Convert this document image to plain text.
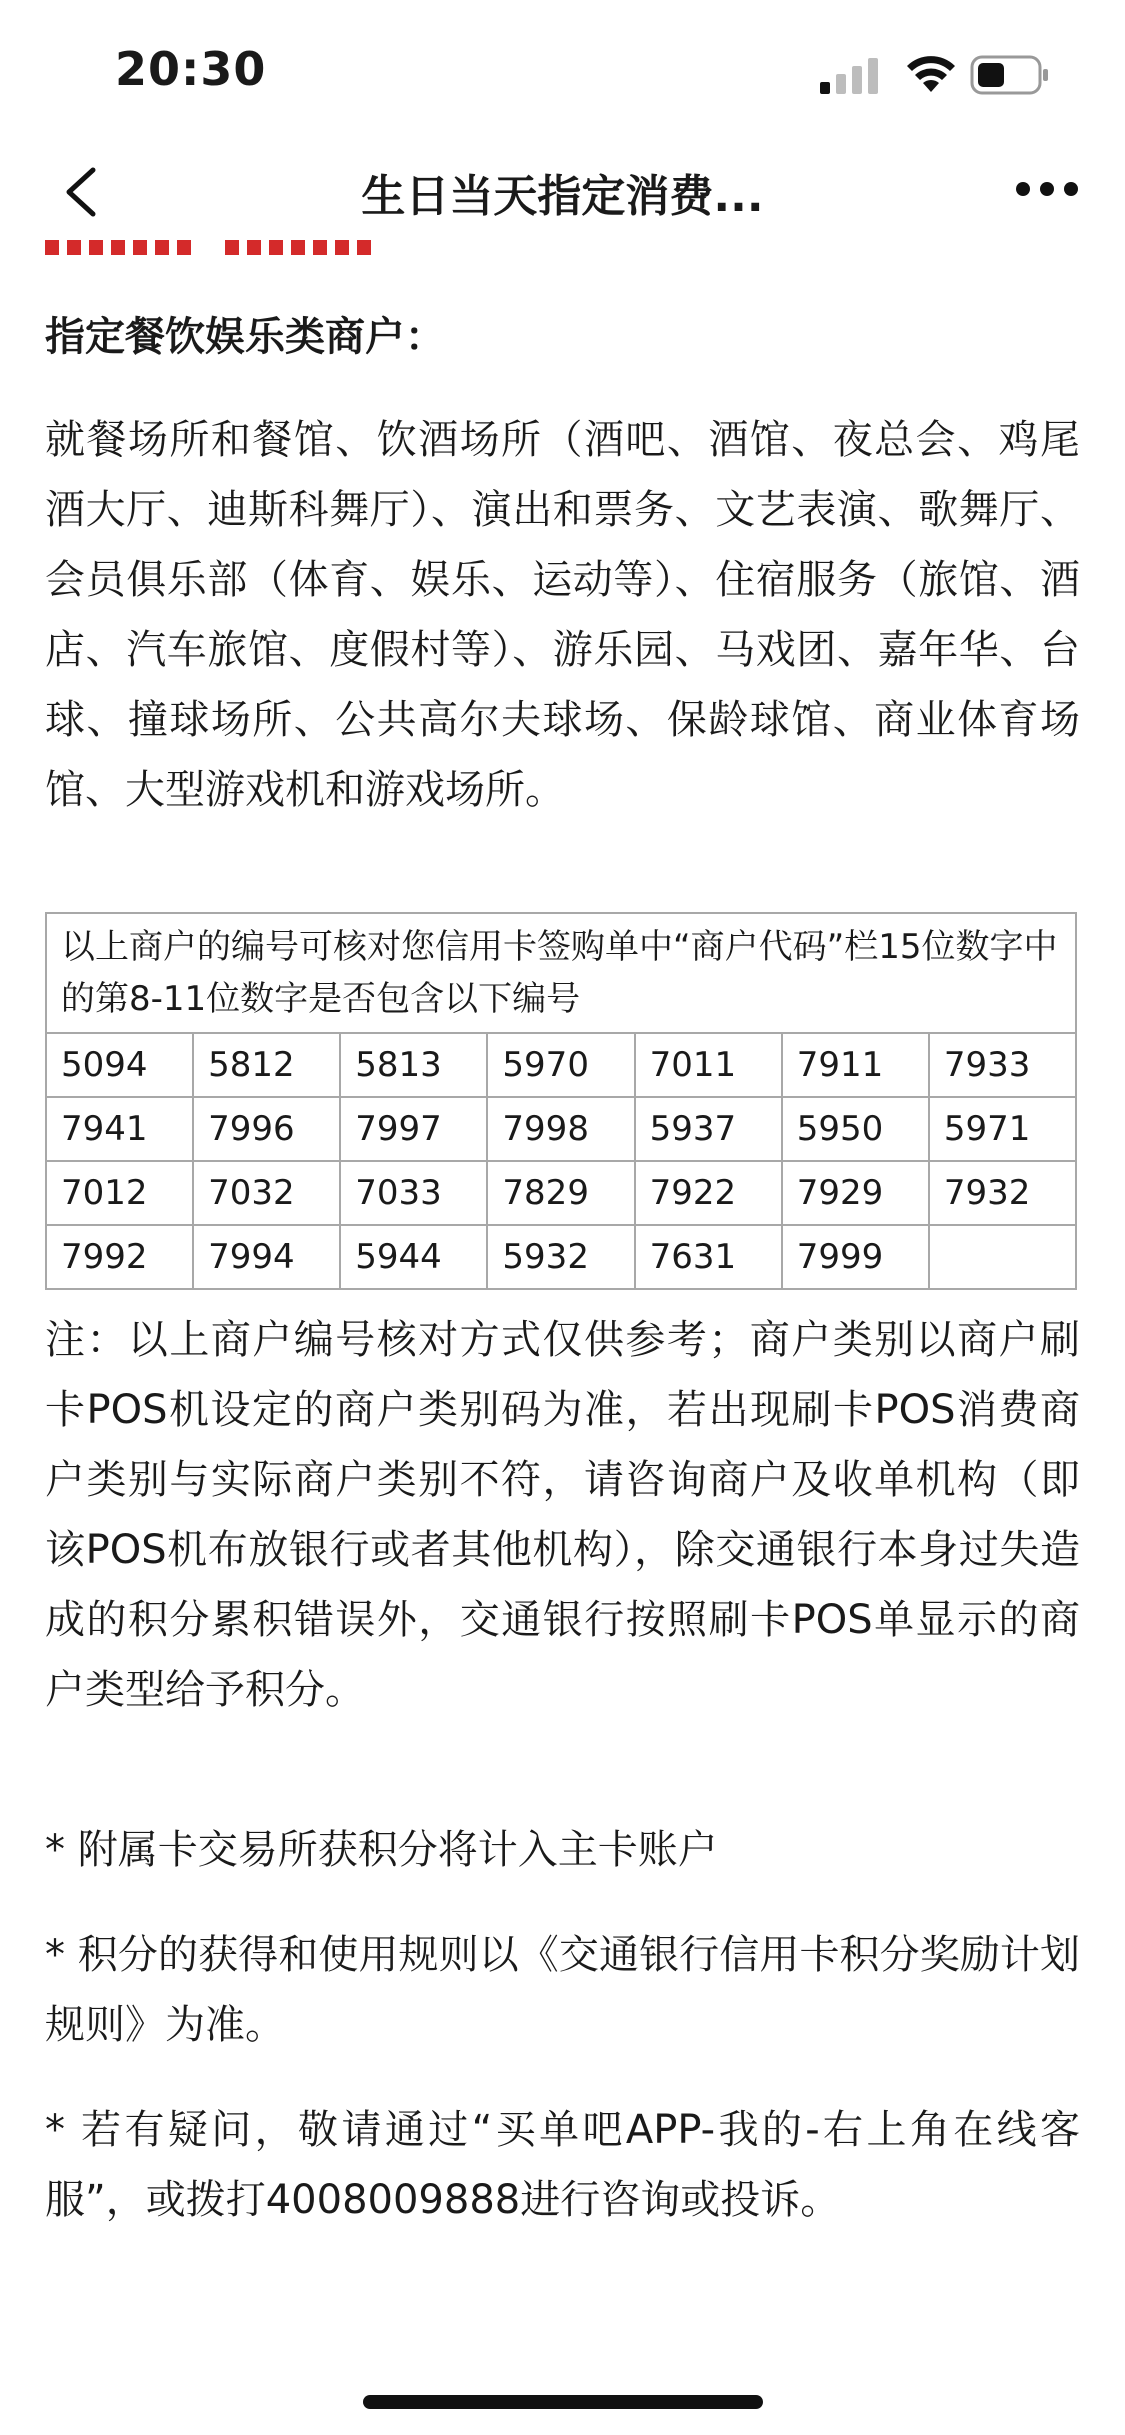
20:30
生日当天指定消费...
指定餐饮娱乐类商户：
就餐场所和餐馆、饮酒场所（酒吧、酒馆、夜总会、鸡尾酒大厅、迪斯科舞厅）、演出和票务、文艺表演、歌舞厅、会员俱乐部（体育、娱乐、运动等）、住宿服务（旅馆、酒店、汽车旅馆、度假村等）、游乐园、马戏团、嘉年华、台球、撞球场所、公共高尔夫球场、保龄球馆、商业体育场馆、大型游戏机和游戏场所。
以上商户的编号可核对您信用卡签购单中“商户代码”栏15位数字中的第8-11位数字是否包含以下编号						
5094	5812	5813	5970	7011	7911	7933
7941	7996	7997	7998	5937	5950	5971
7012	7032	7033	7829	7922	7929	7932
7992	7994	5944	5932	7631	7999	
注：以上商户编号核对方式仅供参考；商户类别以商户刷卡POS机设定的商户类别码为准，若出现刷卡POS消费商户类别与实际商户类别不符，请咨询商户及收单机构（即该POS机布放银行或者其他机构），除交通银行本身过失造成的积分累积错误外，交通银行按照刷卡POS单显示的商户类型给予积分。
* 附属卡交易所获积分将计入主卡账户
* 积分的获得和使用规则以《交通银行信用卡积分奖励计划规则》为准。
* 若有疑问，敬请通过“买单吧APP-我的-右上角在线客服”，或拨打4008009888进行咨询或投诉。
